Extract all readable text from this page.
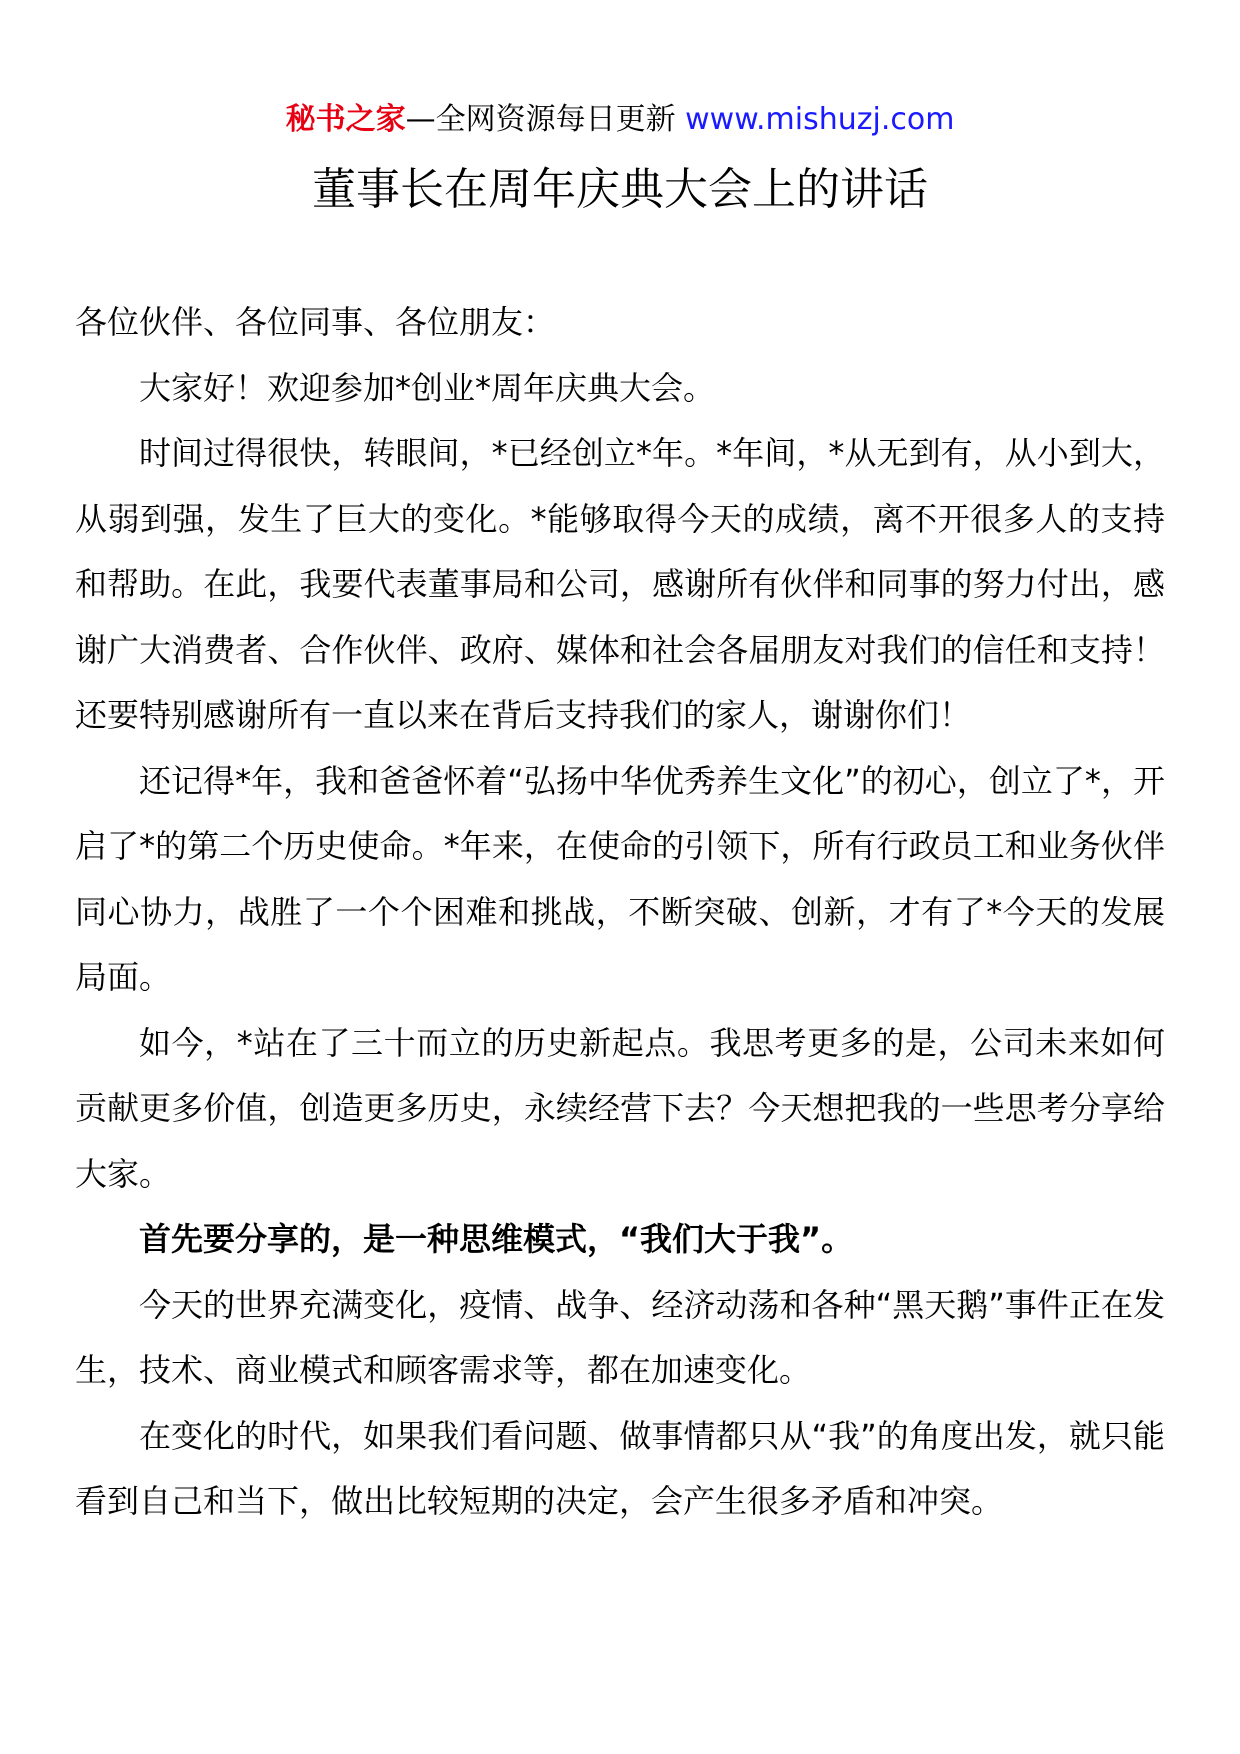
秘书之家—全网资源每日更新 www.mishuzj.com
董事长在周年庆典大会上的讲话

各位伙伴、各位同事、各位朋友：

大家好！欢迎参加*创业*周年庆典大会。

时间过得很快，转眼间，*已经创立*年。*年间，*从无到有，从小到大，从弱到强，发生了巨大的变化。*能够取得今天的成绩，离不开很多人的支持和帮助。在此，我要代表董事局和公司，感谢所有伙伴和同事的努力付出，感谢广大消费者、合作伙伴、政府、媒体和社会各届朋友对我们的信任和支持！还要特别感谢所有一直以来在背后支持我们的家人，谢谢你们！

还记得*年，我和爸爸怀着“弘扬中华优秀养生文化”的初心，创立了*，开启了*的第二个历史使命。*年来，在使命的引领下，所有行政员工和业务伙伴同心协力，战胜了一个个困难和挑战，不断突破、创新，才有了*今天的发展局面。

如今，*站在了三十而立的历史新起点。我思考更多的是，公司未来如何贡献更多价值，创造更多历史，永续经营下去？今天想把我的一些思考分享给大家。

首先要分享的，是一种思维模式，“我们大于我”。

今天的世界充满变化，疫情、战争、经济动荡和各种“黑天鹅”事件正在发生，技术、商业模式和顾客需求等，都在加速变化。

在变化的时代，如果我们看问题、做事情都只从“我”的角度出发，就只能看到自己和当下，做出比较短期的决定，会产生很多矛盾和冲突。
